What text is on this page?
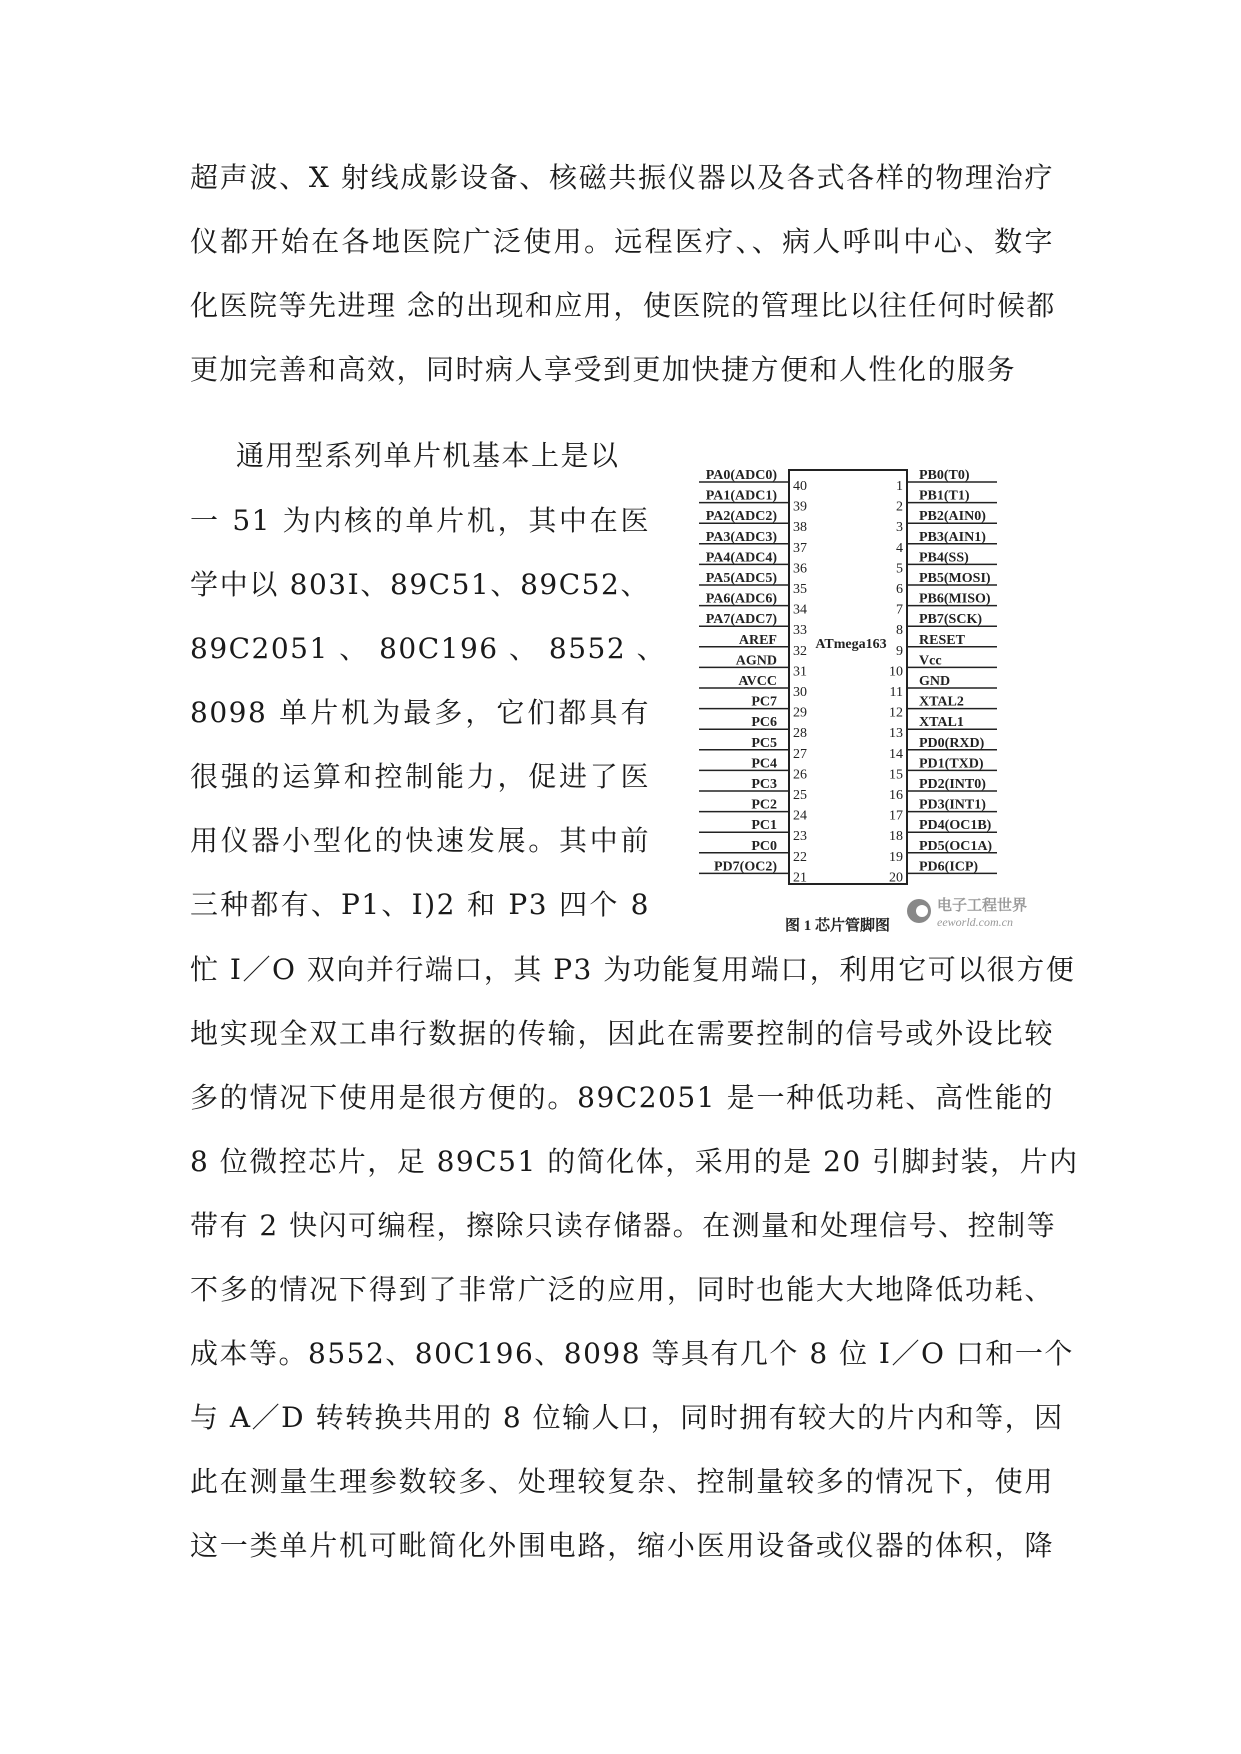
超声波、X 射线成影设备、核磁共振仪器以及各式各样的物理治疗
仪都开始在各地医院广泛使用。远程医疗、、病人呼叫中心、数字
化医院等先进理 念的出现和应用，使医院的管理比以往任何时候都
更加完善和高效，同时病人享受到更加快捷方便和人性化的服务
通用型系列单片机基本上是以
一 51 为内核的单片机，其中在医
学中以 803I、89C51、89C52、
89C2051 、 80C196 、 8552 、
8098 单片机为最多，它们都具有
很强的运算和控制能力，促进了医
用仪器小型化的快速发展。其中前
三种都有、P1、I)2 和 P3 四个 8
忙 I／O 双向并行端口，其 P3 为功能复用端口，利用它可以很方便
地实现全双工串行数据的传输，因此在需要控制的信号或外设比较
多的情况下使用是很方便的。89C2051 是一种低功耗、高性能的
8 位微控芯片，足 89C51 的简化体，采用的是 20 引脚封装，片内
带有 2 快闪可编程，擦除只读存储器。在测量和处理信号、控制等
不多的情况下得到了非常广泛的应用，同时也能大大地降低功耗、
成本等。8552、80C196、8098 等具有几个 8 位 I／O 口和一个
与 A／D 转转换共用的 8 位输人口，同时拥有较大的片内和等，因
此在测量生理参数较多、处理较复杂、控制量较多的情况下，使用
这一类单片机可毗简化外围电路，缩小医用设备或仪器的体积，降
ATmega163
PA0(ADC0)
40
PA1(ADC1)
39
PA2(ADC2)
38
PA3(ADC3)
37
PA4(ADC4)
36
PA5(ADC5)
35
PA6(ADC6)
34
PA7(ADC7)
33
AREF
32
AGND
31
AVCC
30
PC7
29
PC6
28
PC5
27
PC4
26
PC3
25
PC2
24
PC1
23
PC0
22
PD7(OC2)
21
1
PB0(T0)
2
PB1(T1)
3
PB2(AIN0)
4
PB3(AIN1)
5
PB4(SS)
6
PB5(MOSI)
7
PB6(MISO)
8
PB7(SCK)
9
RESET
10
Vcc
11
GND
12
XTAL2
13
XTAL1
14
PD0(RXD)
15
PD1(TXD)
16
PD2(INT0)
17
PD3(INT1)
18
PD4(OC1B)
19
PD5(OC1A)
20
PD6(ICP)
图 1 芯片管脚图
电子工程世界
eeworld.com.cn
